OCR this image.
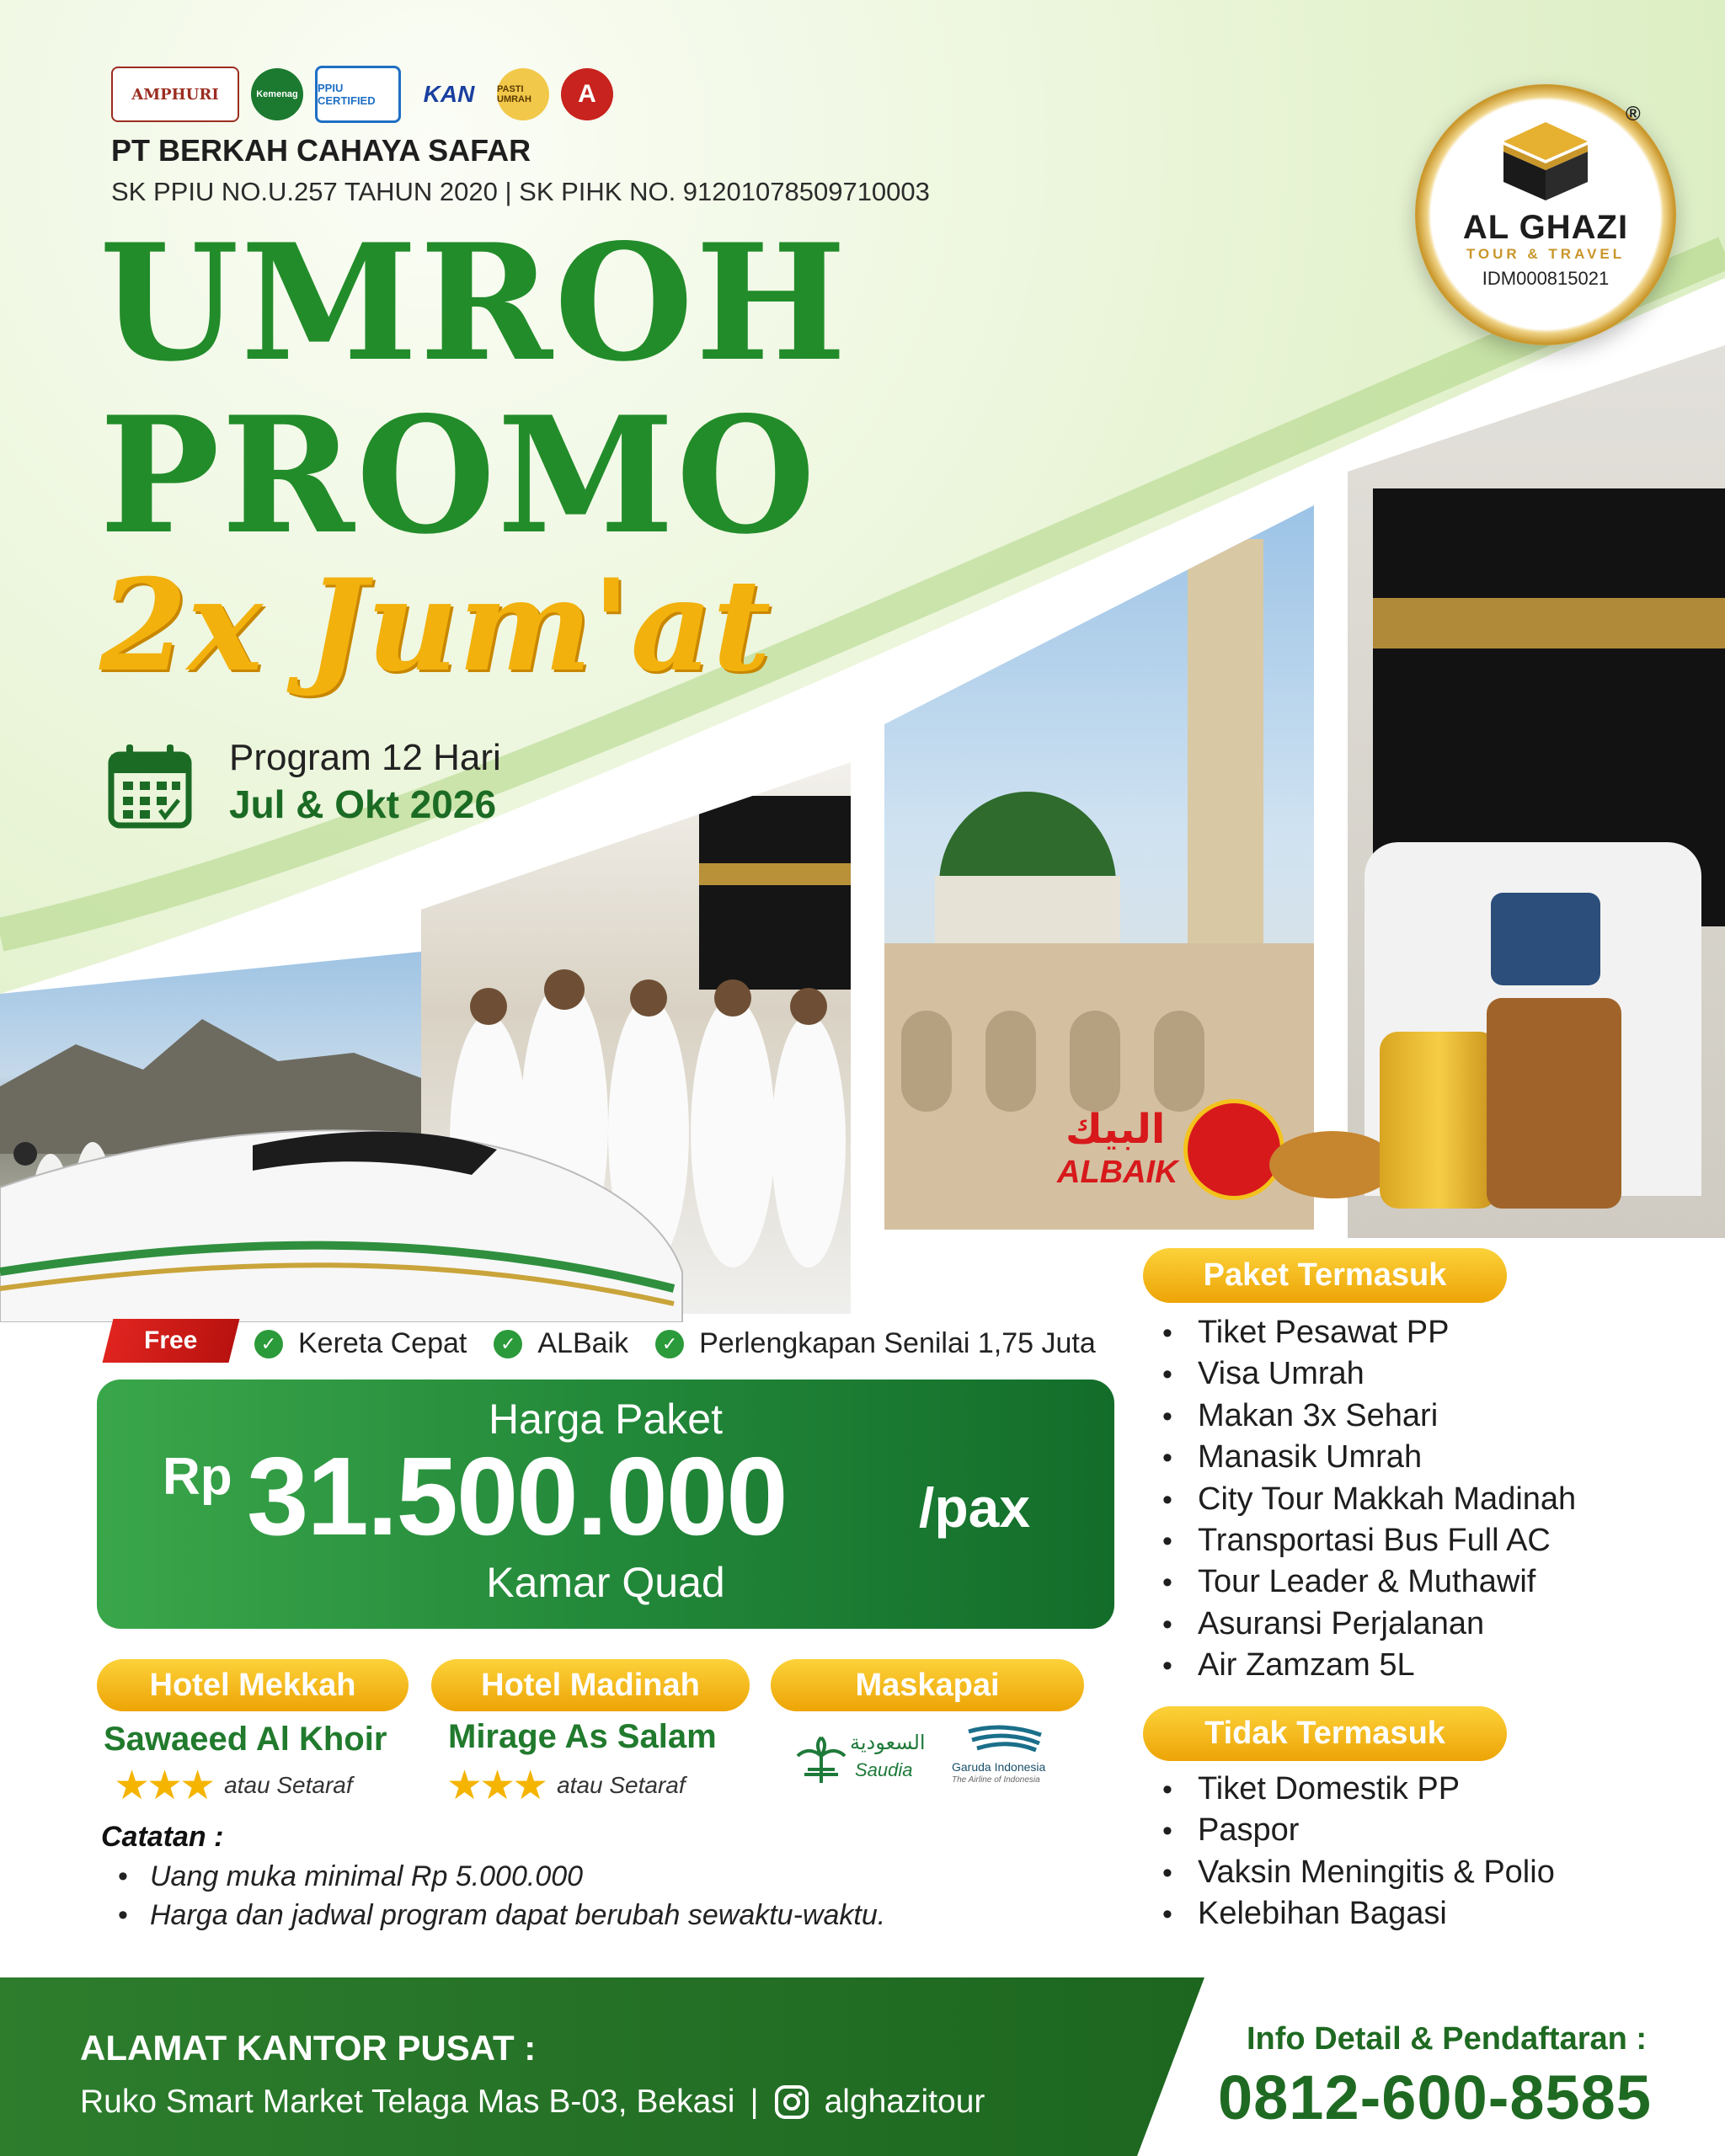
AMPHURI	Kemenag	PPIU CERTIFIED	KAN	PASTI UMRAH	A
PT BERKAH CAHAYA SAFAR
SK PPIU NO.U.257 TAHUN 2020 | SK PIHK NO. 91201078509710003
AL GHAZI
TOUR & TRAVEL
IDM000815021
®
UMROH
PROMO
2x Jum'at
Program 12 Hari
Jul & Okt 2026
البيك
ALBAIK
Paket Termasuk
• Tiket Pesawat PP
• Visa Umrah
• Makan 3x Sehari
• Manasik Umrah
• City Tour Makkah Madinah
• Transportasi Bus Full AC
• Tour Leader & Muthawif
• Asuransi Perjalanan
• Air Zamzam 5L
Tidak Termasuk
• Tiket Domestik PP
• Paspor
• Vaksin Meningitis & Polio
• Kelebihan Bagasi
Free	✓ Kereta Cepat	✓ ALBaik	✓ Perlengkapan Senilai 1,75 Juta
Harga Paket
Rp 31.500.000 /pax
Kamar Quad
Hotel Mekkah
Sawaeed Al Khoir
★★★ atau Setaraf
Hotel Madinah
Mirage As Salam
★★★ atau Setaraf
Maskapai
السعودية
Saudia	Garuda Indonesia
The Airline of Indonesia
Catatan :
• Uang muka minimal Rp 5.000.000
• Harga dan jadwal program dapat berubah sewaktu-waktu.
ALAMAT KANTOR PUSAT :
Ruko Smart Market Telaga Mas B-03, Bekasi | alghazitour
Info Detail & Pendaftaran :
0812-600-8585
